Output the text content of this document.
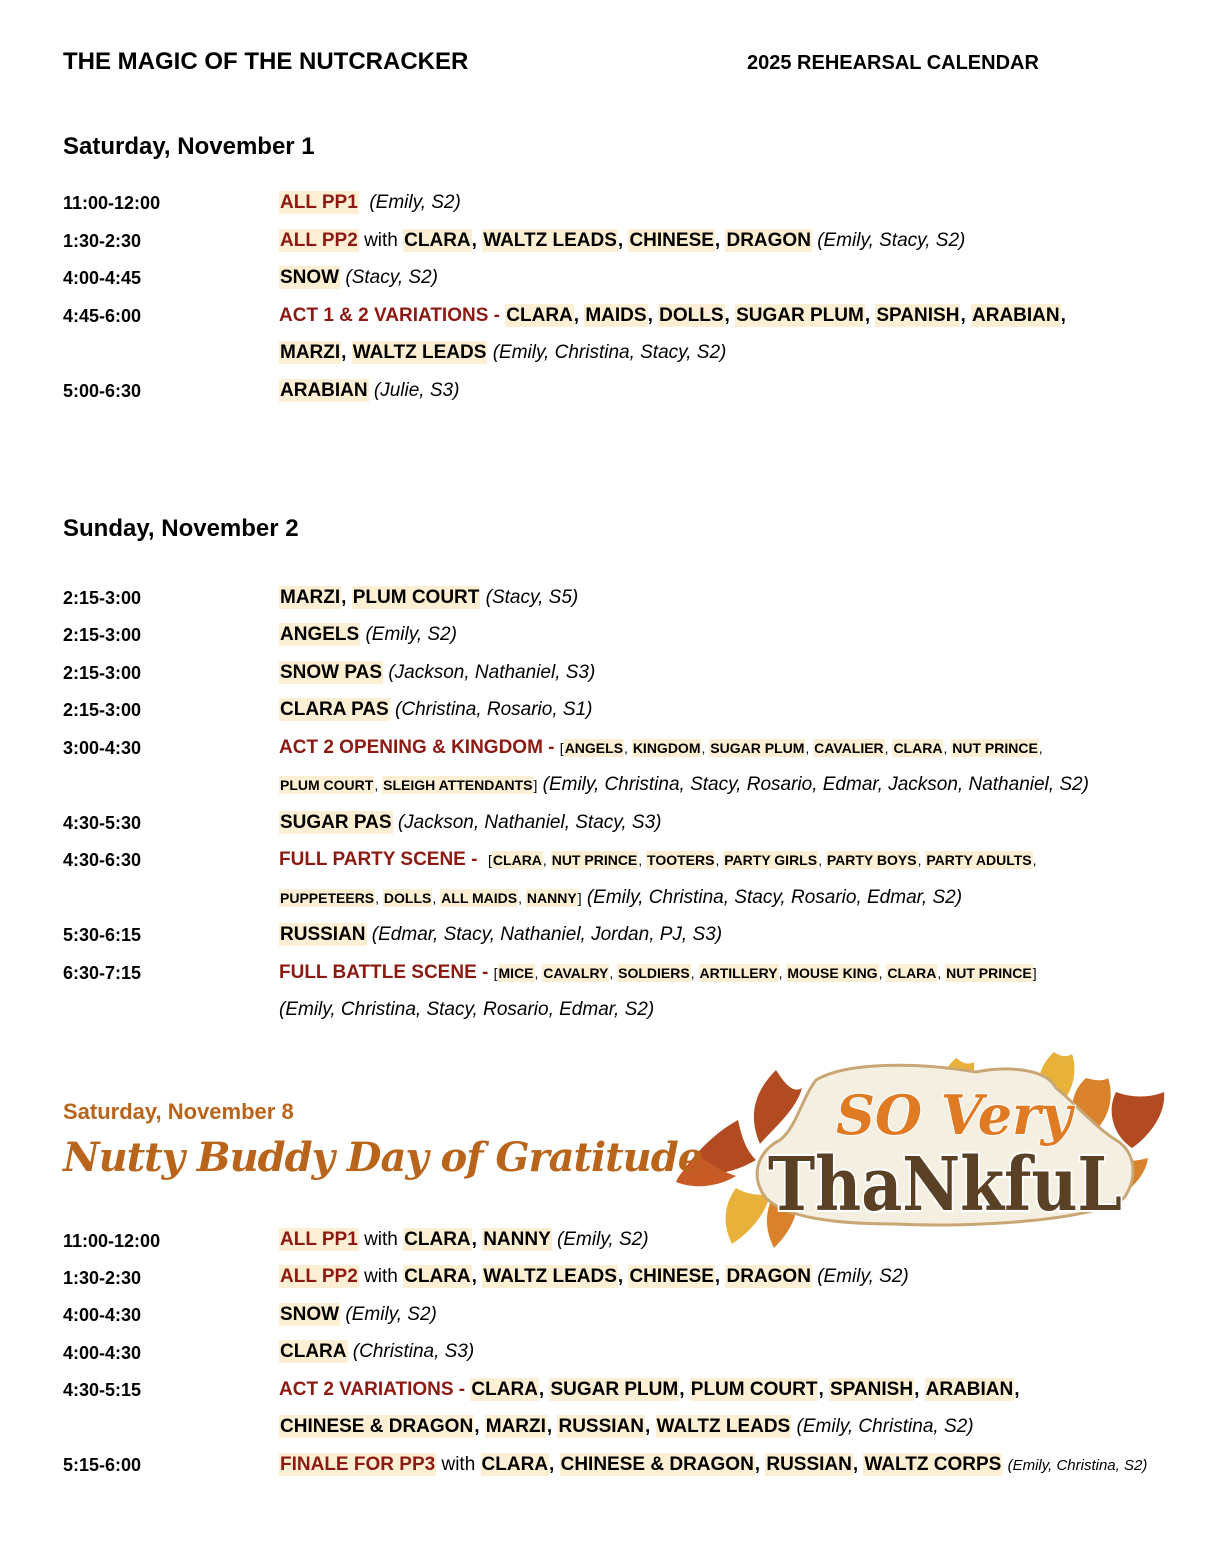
THE MAGIC OF THE NUTCRACKER	2025 REHEARSAL CALENDAR
Saturday, November 1
11:00-12:00	ALL PP1 (Emily, S2)
1:30-2:30	ALL PP2 with CLARA, WALTZ LEADS, CHINESE, DRAGON (Emily, Stacy, S2)
4:00-4:45	SNOW (Stacy, S2)
4:45-6:00	ACT 1 & 2 VARIATIONS - CLARA, MAIDS, DOLLS, SUGAR PLUM, SPANISH, ARABIAN,
MARZI, WALTZ LEADS (Emily, Christina, Stacy, S2)
5:00-6:30	ARABIAN (Julie, S3)
Sunday, November 2
2:15-3:00	MARZI, PLUM COURT (Stacy, S5)
2:15-3:00	ANGELS (Emily, S2)
2:15-3:00	SNOW PAS (Jackson, Nathaniel, S3)
2:15-3:00	CLARA PAS (Christina, Rosario, S1)
3:00-4:30	ACT 2 OPENING & KINGDOM - [ANGELS, KINGDOM, SUGAR PLUM, CAVALIER, CLARA, NUT PRINCE,
PLUM COURT, SLEIGH ATTENDANTS] (Emily, Christina, Stacy, Rosario, Edmar, Jackson, Nathaniel, S2)
4:30-5:30	SUGAR PAS (Jackson, Nathaniel, Stacy, S3)
4:30-6:30	FULL PARTY SCENE - [CLARA, NUT PRINCE, TOOTERS, PARTY GIRLS, PARTY BOYS, PARTY ADULTS,
PUPPETEERS, DOLLS, ALL MAIDS, NANNY] (Emily, Christina, Stacy, Rosario, Edmar, S2)
5:30-6:15	RUSSIAN (Edmar, Stacy, Nathaniel, Jordan, PJ, S3)
6:30-7:15	FULL BATTLE SCENE - [MICE, CAVALRY, SOLDIERS, ARTILLERY, MOUSE KING, CLARA, NUT PRINCE]
(Emily, Christina, Stacy, Rosario, Edmar, S2)
SO Very
ThaNkfuL
Saturday, November 8
Nutty Buddy Day of Gratitude
11:00-12:00	ALL PP1 with CLARA, NANNY (Emily, S2)
1:30-2:30	ALL PP2 with CLARA, WALTZ LEADS, CHINESE, DRAGON (Emily, S2)
4:00-4:30	SNOW (Emily, S2)
4:00-4:30	CLARA (Christina, S3)
4:30-5:15	ACT 2 VARIATIONS - CLARA, SUGAR PLUM, PLUM COURT, SPANISH, ARABIAN,
CHINESE & DRAGON, MARZI, RUSSIAN, WALTZ LEADS (Emily, Christina, S2)
5:15-6:00	FINALE FOR PP3 with CLARA, CHINESE & DRAGON, RUSSIAN, WALTZ CORPS (Emily, Christina, S2)
